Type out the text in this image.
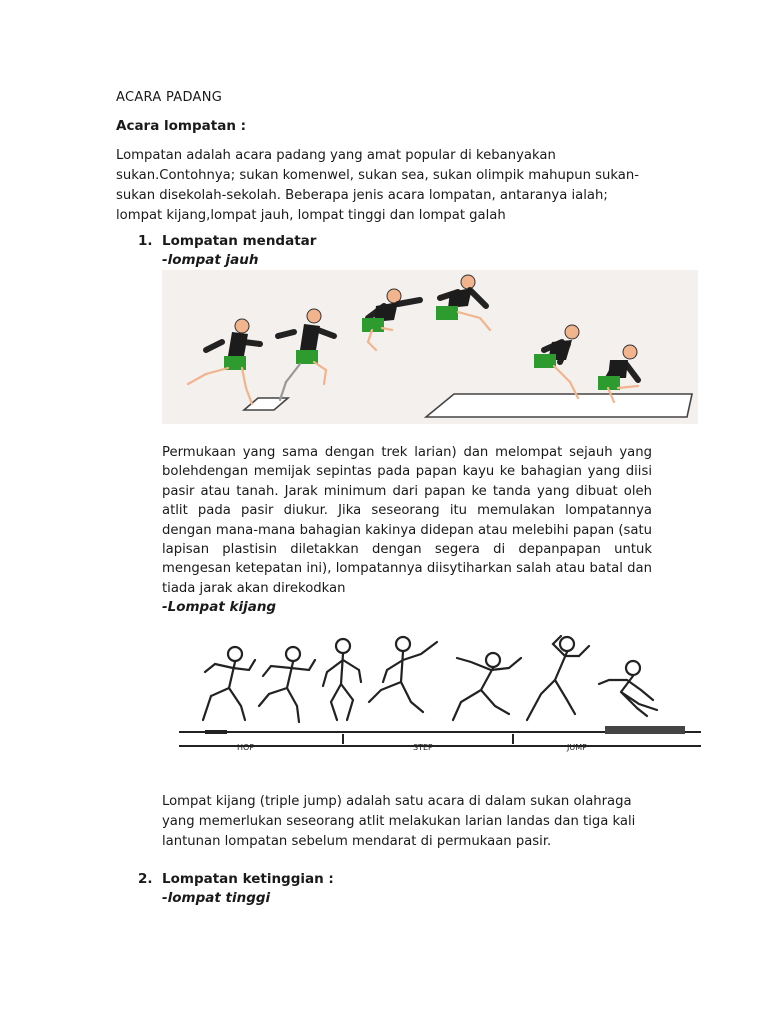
ACARA PADANG
Acara lompatan :
Lompatan adalah acara padang yang amat popular di kebanyakan sukan.Contohnya; sukan komenwel, sukan sea, sukan olimpik mahupun sukan-sukan disekolah-sekolah. Beberapa jenis acara lompatan, antaranya ialah; lompat kijang,lompat jauh, lompat tinggi dan lompat galah
1. Lompatan mendatar
-lompat jauh
Permukaan yang sama dengan trek larian) dan melompat sejauh yang bolehdengan memijak sepintas pada papan kayu ke bahagian yang diisi pasir atau tanah. Jarak minimum dari papan ke tanda yang dibuat oleh atlit pada pasir diukur. Jika seseorang itu memulakan lompatannya dengan mana-mana bahagian kakinya didepan atau melebihi papan (satu lapisan plastisin diletakkan dengan segera di depanpapan untuk mengesan ketepatan ini), lompatannya diisytiharkan salah atau batal dan tiada jarak akan direkodkan
-Lompat kijang
HOP	STEP	JUMP
Lompat kijang (triple jump) adalah satu acara di dalam sukan olahraga yang memerlukan seseorang atlit melakukan larian landas dan tiga kali lantunan lompatan sebelum mendarat di permukaan pasir.
2. Lompatan ketinggian :
-lompat tinggi
